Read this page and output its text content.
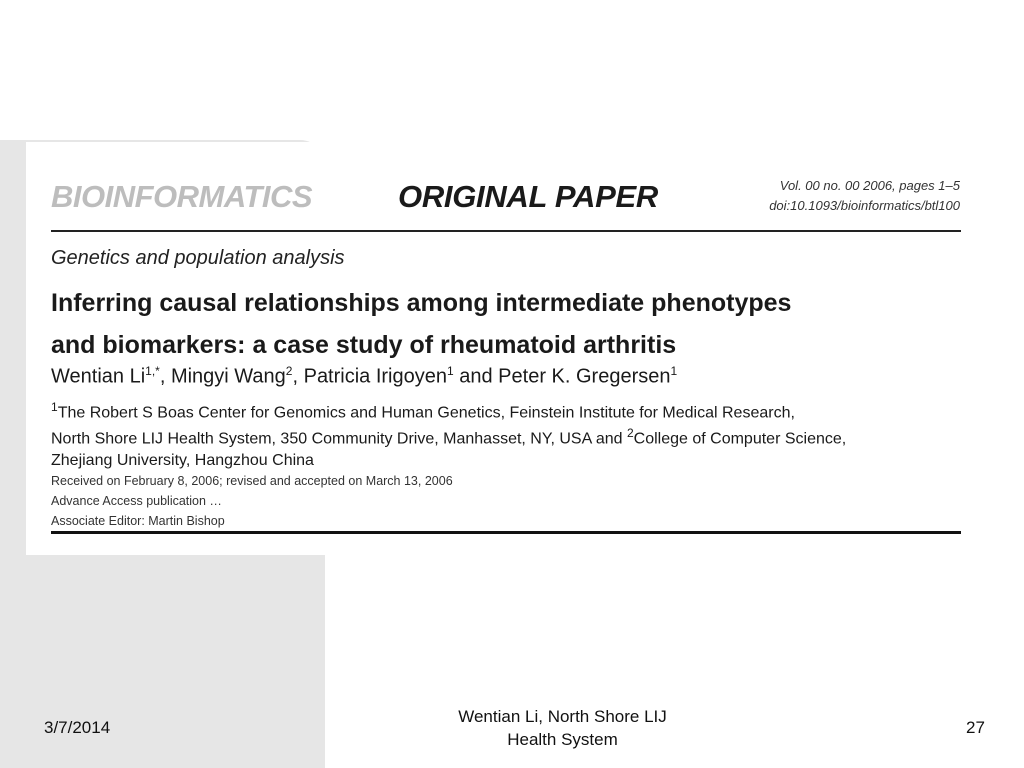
BIOINFORMATICS	ORIGINAL PAPER	Vol. 00 no. 00 2006, pages 1–5
doi:10.1093/bioinformatics/btl100
Genetics and population analysis
Inferring causal relationships among intermediate phenotypes
and biomarkers: a case study of rheumatoid arthritis
Wentian $Li^{1,*}$, Mingyi Wang$^2$, Patricia Irigoyen$^1$ and Peter K. Gregersen$^1$
$^1$The Robert S Boas Center for Genomics and Human Genetics, Feinstein Institute for Medical Research,
North Shore LIJ Health System, 350 Community Drive, Manhasset, NY, USA and $^2$College of Computer Science,
Zhejiang University, Hangzhou China
Received on February 8, 2006; revised and accepted on March 13, 2006
Advance Access publication …
Associate Editor: Martin Bishop
3/7/2014
Wentian Li, North Shore LIJ
Health System
27
